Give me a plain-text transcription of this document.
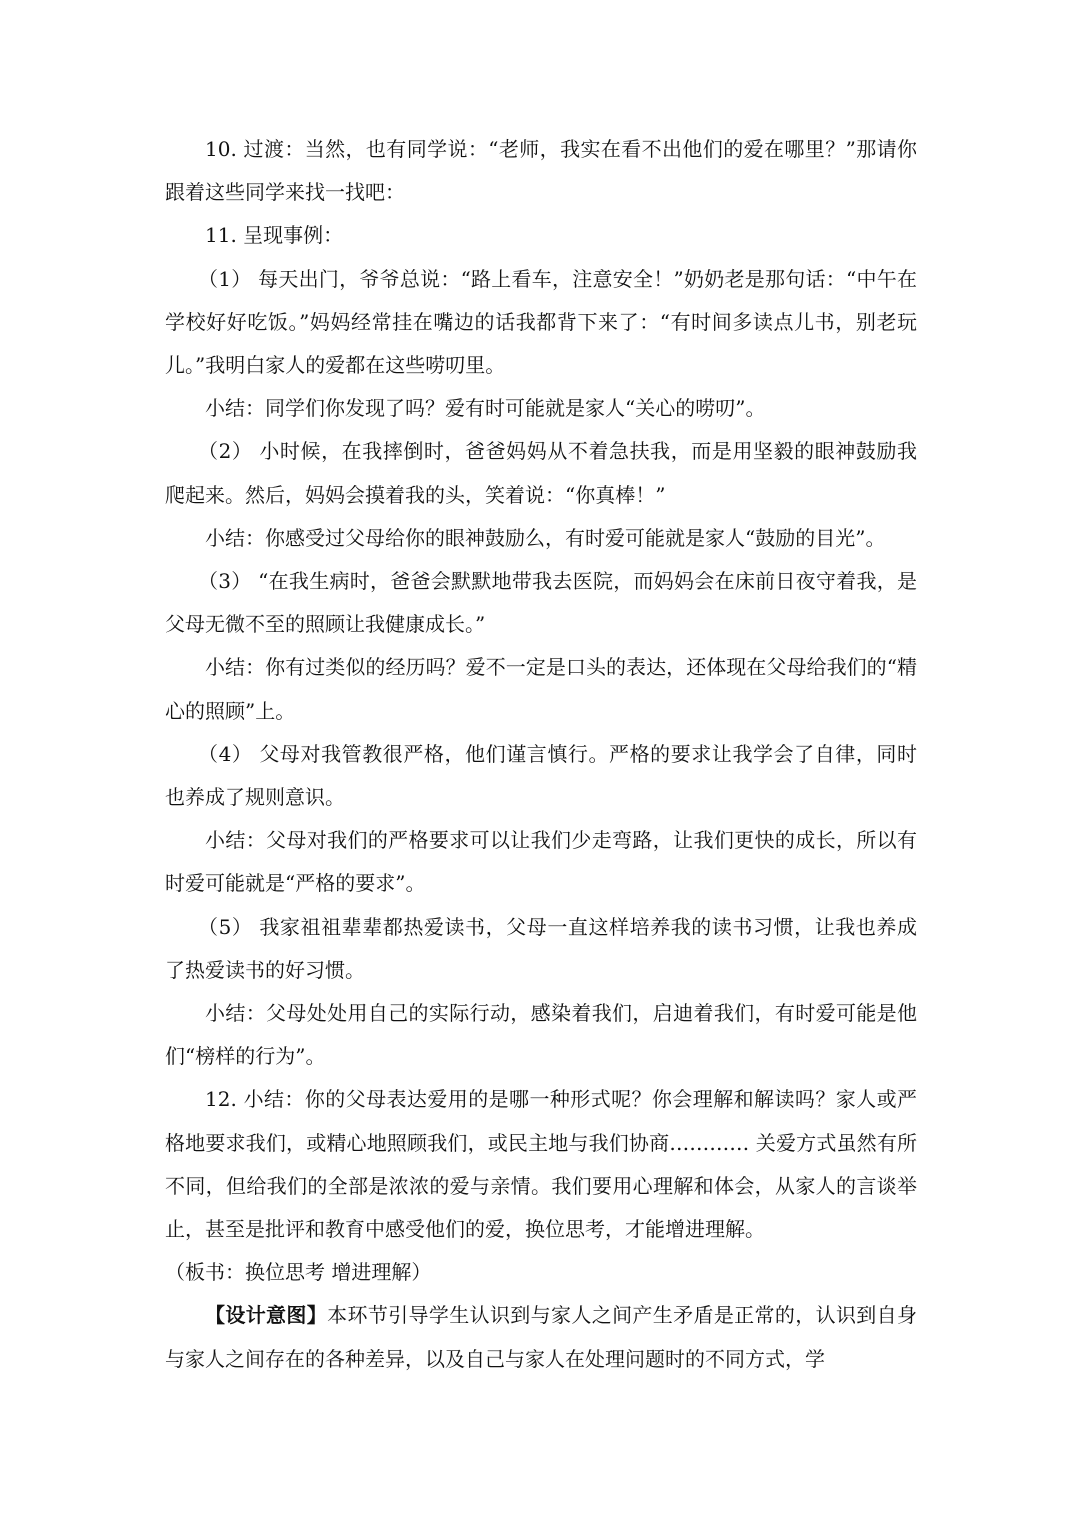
10. 过渡：当然，也有同学说：“老师，我实在看不出他们的爱在哪里？”那请你跟着这些同学来找一找吧：

11. 呈现事例：

（1） 每天出门，爷爷总说：“路上看车，注意安全！”奶奶老是那句话：“中午在学校好好吃饭。”妈妈经常挂在嘴边的话我都背下来了：“有时间多读点儿书，别老玩儿。”我明白家人的爱都在这些唠叨里。

小结：同学们你发现了吗？爱有时可能就是家人“关心的唠叨”。

（2） 小时候，在我摔倒时，爸爸妈妈从不着急扶我，而是用坚毅的眼神鼓励我爬起来。然后，妈妈会摸着我的头，笑着说：“你真棒！”

小结：你感受过父母给你的眼神鼓励么，有时爱可能就是家人“鼓励的目光”。

（3） “在我生病时，爸爸会默默地带我去医院，而妈妈会在床前日夜守着我，是父母无微不至的照顾让我健康成长。”

小结：你有过类似的经历吗？爱不一定是口头的表达，还体现在父母给我们的“精心的照顾”上。

（4） 父母对我管教很严格，他们谨言慎行。严格的要求让我学会了自律，同时也养成了规则意识。

小结：父母对我们的严格要求可以让我们少走弯路，让我们更快的成长，所以有时爱可能就是“严格的要求”。

（5） 我家祖祖辈辈都热爱读书，父母一直这样培养我的读书习惯，让我也养成了热爱读书的好习惯。

小结：父母处处用自己的实际行动，感染着我们，启迪着我们，有时爱可能是他们“榜样的行为”。

12. 小结：你的父母表达爱用的是哪一种形式呢？你会理解和解读吗？家人或严格地要求我们，或精心地照顾我们，或民主地与我们协商………… 关爱方式虽然有所不同，但给我们的全部是浓浓的爱与亲情。我们要用心理解和体会，从家人的言谈举止，甚至是批评和教育中感受他们的爱，换位思考，才能增进理解。

（板书：换位思考 增进理解）

【设计意图】本环节引导学生认识到与家人之间产生矛盾是正常的，认识到自身与家人之间存在的各种差异，以及自己与家人在处理问题时的不同方式，学
